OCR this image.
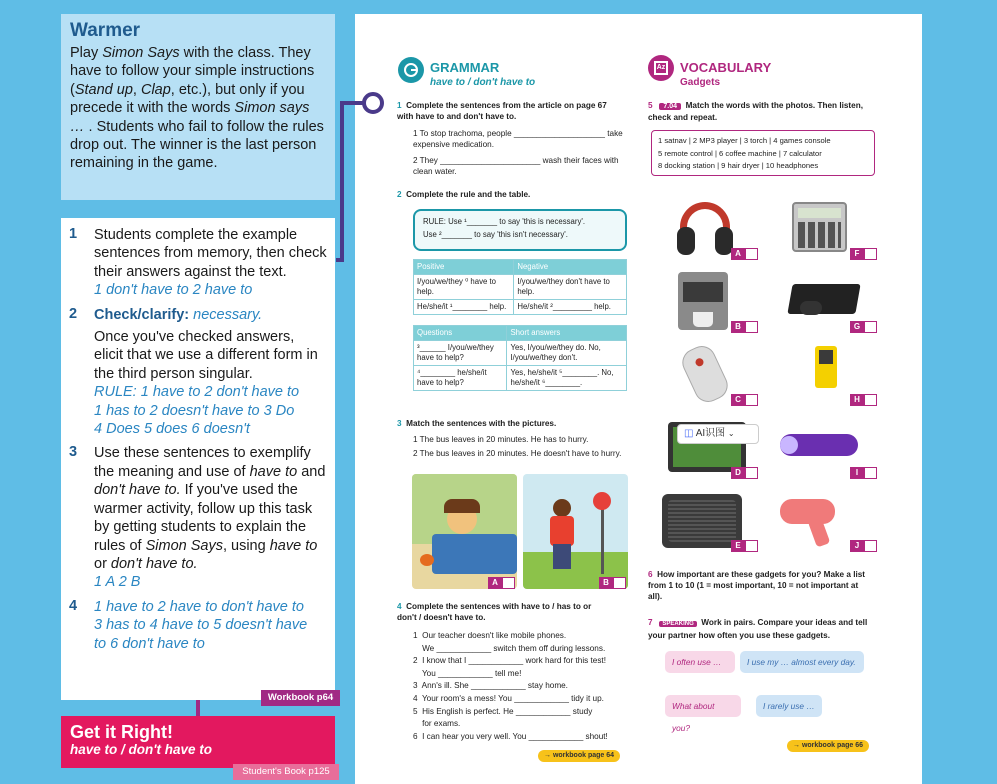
Warmer

Play Simon Says with the class. They have to follow your simple instructions (Stand up, Clap, etc.), but only if you precede it with the words Simon says … . Students who fail to follow the rules drop out. The winner is the last person remaining in the game.

1	Students complete the example sentences from memory, then check their answers against the text.
1 don't have to 2 have to
2	Check/clarify: necessary.
Once you've checked answers, elicit that we use a different form in the third person singular.
RULE: 1 have to 2 don't have to
1 has to 2 doesn't have to 3 Do
4 Does 5 does 6 doesn't
3	Use these sentences to exemplify the meaning and use of have to and don't have to. If you've used the warmer activity, follow up this task by getting students to explain the rules of Simon Says, using have to or don't have to.
1 A 2 B
4	1 have to 2 have to don't have to
3 has to 4 have to 5 doesn't have
to 6 don't have to
Workbook p64
Get it Right!
have to / don't have to
Student's Book p125
GRAMMAR
have to / don't have to
1 Complete the sentences from the article on page 67 with have to and don't have to.
1 To stop trachoma, people ____________________ take expensive medication.
2 They ______________________ wash their faces with clean water.
2 Complete the rule and the table.
RULE: Use ¹_______ to say 'this is necessary'.
Use ²_______ to say 'this isn't necessary'.
Positive	Negative
I/you/we/they ⁰ have to help.	I/you/we/they don't have to help.
He/she/it ¹________ help.	He/she/it ²_________ help.
Questions	Short answers
³______ I/you/we/they have to help?	Yes, I/you/we/they do. No, I/you/we/they don't.
⁴________ he/she/it have to help?	Yes, he/she/it ⁵________. No, he/she/it ⁶________.
3 Match the sentences with the pictures.
1 The bus leaves in 20 minutes. He has to hurry.
2 The bus leaves in 20 minutes. He doesn't have to hurry.
A	B
4 Complete the sentences with have to / has to or don't / doesn't have to.
1  Our teacher doesn't like mobile phones.
We ____________ switch them off during lessons.
2  I know that I ____________ work hard for this test!
You ____________ tell me!
3  Ann's ill. She ____________ stay home.
4  Your room's a mess! You ____________ tidy it up.
5  His English is perfect. He ____________ study
for exams.
6  I can hear you very well. You ____________ shout!
→ workbook page 64
Az VOCABULARY
Gadgets
5 7.04 Match the words with the photos. Then listen, check and repeat.
1 satnav | 2 MP3 player | 3 torch | 4 games console
5 remote control | 6 coffee machine | 7 calculator
8 docking station | 9 hair dryer | 10 headphones
A	F
B	G
C	H
◫ AI识图 ⌄
D	I
E	J
6 How important are these gadgets for you? Make a list from 1 to 10 (1 = most important, 10 = not important at all).
7 SPEAKING Work in pairs. Compare your ideas and tell your partner how often you use these gadgets.
I often use …	I use my … almost every day.
What about you?
I rarely use …
→ workbook page 66
